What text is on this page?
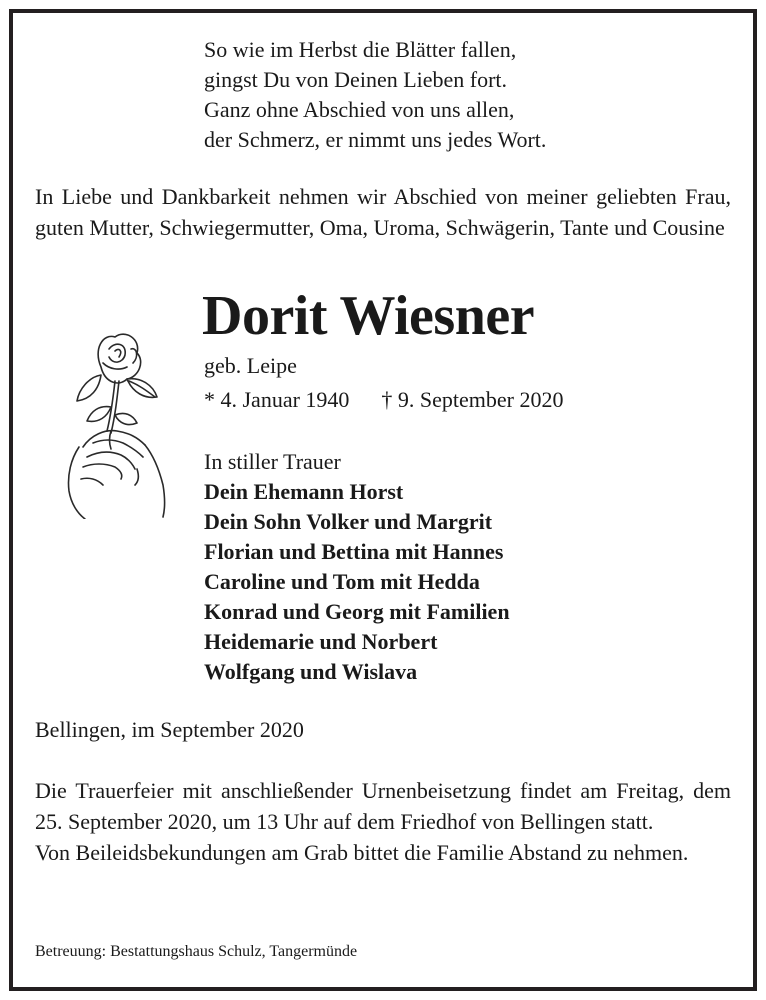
So wie im Herbst die Blätter fallen,
gingst Du von Deinen Lieben fort.
Ganz ohne Abschied von uns allen,
der Schmerz, er nimmt uns jedes Wort.
In Liebe und Dankbarkeit nehmen wir Abschied von meiner geliebten Frau, guten Mutter, Schwiegermutter, Oma, Uroma, Schwägerin, Tante und Cousine
Dorit Wiesner
geb. Leipe
* 4. Januar 1940 † 9. September 2020
In stiller Trauer
Dein Ehemann Horst
Dein Sohn Volker und Margrit
Florian und Bettina mit Hannes
Caroline und Tom mit Hedda
Konrad und Georg mit Familien
Heidemarie und Norbert
Wolfgang und Wislava
Bellingen, im September 2020
Die Trauerfeier mit anschließender Urnenbeisetzung findet am Freitag, dem 25. September 2020, um 13 Uhr auf dem Friedhof von Bellingen statt.
Von Beileidsbekundungen am Grab bittet die Familie Abstand zu nehmen.
Betreuung: Bestattungshaus Schulz, Tangermünde
